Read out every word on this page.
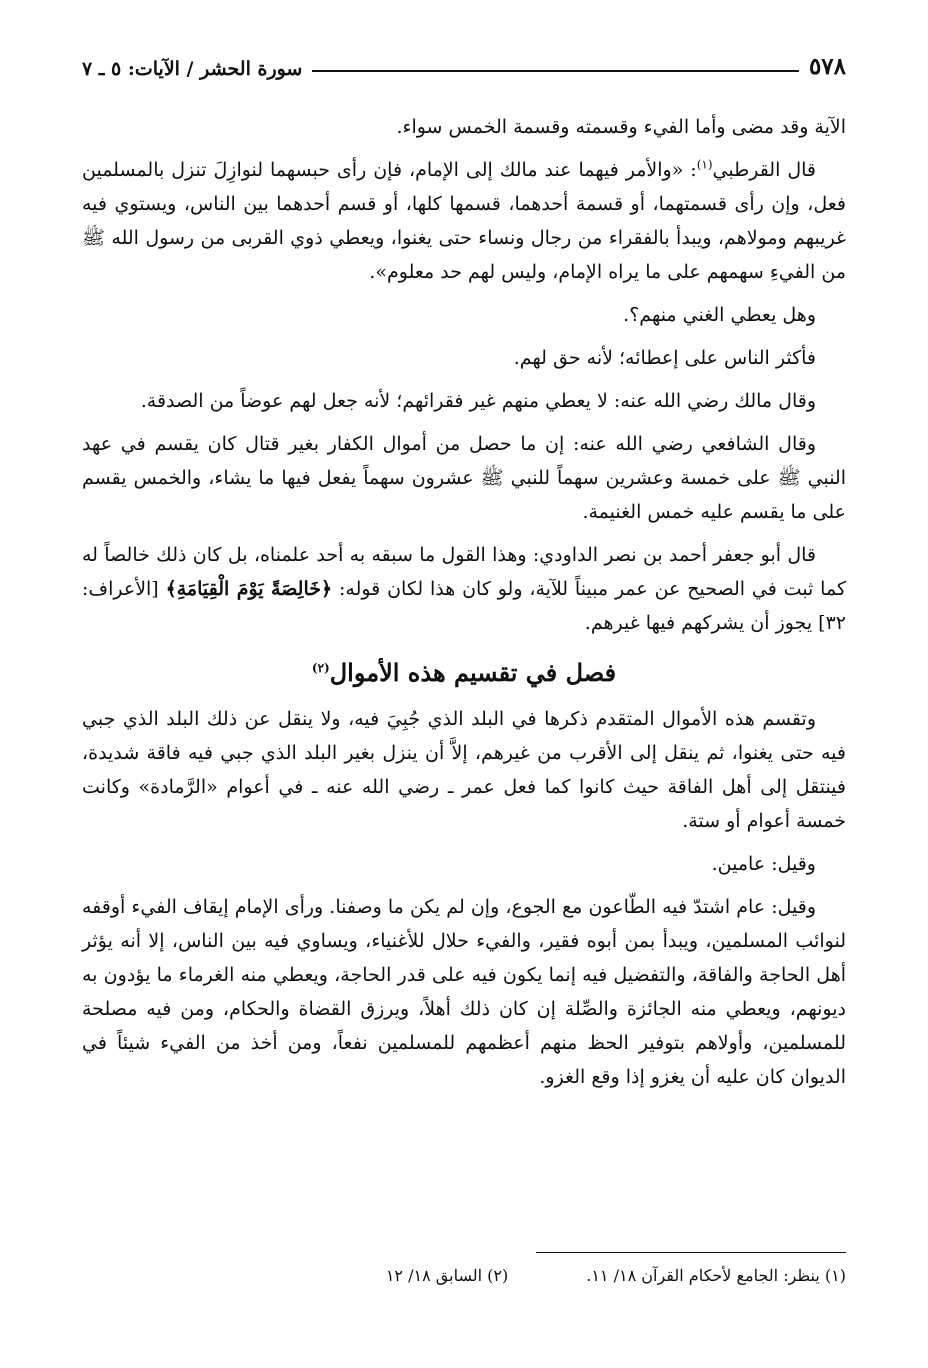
٥٧٨
سورة الحشر / الآيات: ٥ ـ ٧

الآية وقد مضى وأما الفيء وقسمته وقسمة الخمس سواء.

قال القرطبي$^{(١)}$: «والأمر فيهما عند مالك إلى الإمام، فإن رأى حبسهما لنوازِلَ تنزل بالمسلمين فعل، وإن رأى قسمتهما، أو قسمة أحدهما، قسمها كلها، أو قسم أحدهما بين الناس، ويستوي فيه غريبهم ومولاهم، ويبدأ بالفقراء من رجال ونساء حتى يغنوا، ويعطي ذوي القربى من رسول الله ﷺ من الفيءِ سهمهم على ما يراه الإمام، وليس لهم حد معلوم».

وهل يعطي الغني منهم؟.

فأكثر الناس على إعطائه؛ لأنه حق لهم.

وقال مالك رضي الله عنه: لا يعطي منهم غير فقرائهم؛ لأنه جعل لهم عوضاً من الصدقة.

وقال الشافعي رضي الله عنه: إن ما حصل من أموال الكفار بغير قتال كان يقسم في عهد النبي ﷺ على خمسة وعشرين سهماً للنبي ﷺ عشرون سهماً يفعل فيها ما يشاء، والخمس يقسم على ما يقسم عليه خمس الغنيمة.

قال أبو جعفر أحمد بن نصر الداودي: وهذا القول ما سبقه به أحد علمناه، بل كان ذلك خالصاً له كما ثبت في الصحيح عن عمر مبيناً للآية، ولو كان هذا لكان قوله: ﴿خَالِصَةً يَوْمَ الْقِيَامَةِ﴾ [الأعراف: ٣٢] يجوز أن يشركهم فيها غيرهم.

فصل في تقسيم هذه الأموال$^{(٢)}$

وتقسم هذه الأموال المتقدم ذكرها في البلد الذي جُبِيَ فيه، ولا ينقل عن ذلك البلد الذي جبي فيه حتى يغنوا، ثم ينقل إلى الأقرب من غيرهم، إلاَّ أن ينزل بغير البلد الذي جبي فيه فاقة شديدة، فينتقل إلى أهل الفاقة حيث كانوا كما فعل عمر ـ رضي الله عنه ـ في أعوام «الرَّمادة» وكانت خمسة أعوام أو ستة.

وقيل: عامين.

وقيل: عام اشتدّ فيه الطّاعون مع الجوع، وإن لم يكن ما وصفنا. ورأى الإمام إيقاف الفيء أوقفه لنوائب المسلمين، ويبدأ بمن أبوه فقير، والفيء حلال للأغنياء، ويساوي فيه بين الناس، إلا أنه يؤثر أهل الحاجة والفاقة، والتفضيل فيه إنما يكون فيه على قدر الحاجة، ويعطي منه الغرماء ما يؤدون به ديونهم، ويعطي منه الجائزة والصِّلة إن كان ذلك أهلاً، ويرزق القضاة والحكام، ومن فيه مصلحة للمسلمين، وأولاهم بتوفير الحظ منهم أعظمهم للمسلمين نفعاً، ومن أخذ من الفيء شيئاً في الديوان كان عليه أن يغزو إذا وقع الغزو.

(١) ينظر: الجامع لأحكام القرآن ١٨/ ١١.
(٢) السابق ١٨/ ١٢
